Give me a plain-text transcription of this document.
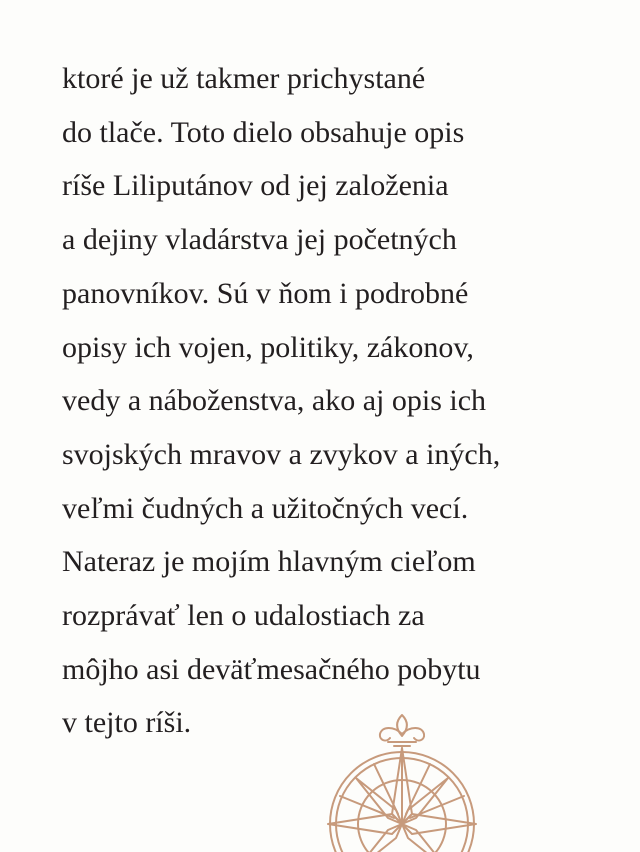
ktoré je už takmer prichystané
do tlače. Toto dielo obsahuje opis
ríše Liliputánov od jej založenia
a dejiny vladárstva jej početných
panovníkov. Sú v ňom i podrobné
opisy ich vojen, politiky, zákonov,
vedy a náboženstva, ako aj opis ich
svojských mravov a zvykov a iných,
veľmi čudných a užitočných vecí.
Nateraz je mojím hlavným cieľom
rozprávať len o udalostiach za
môjho asi deväťmesačného pobytu
v tejto ríši.
